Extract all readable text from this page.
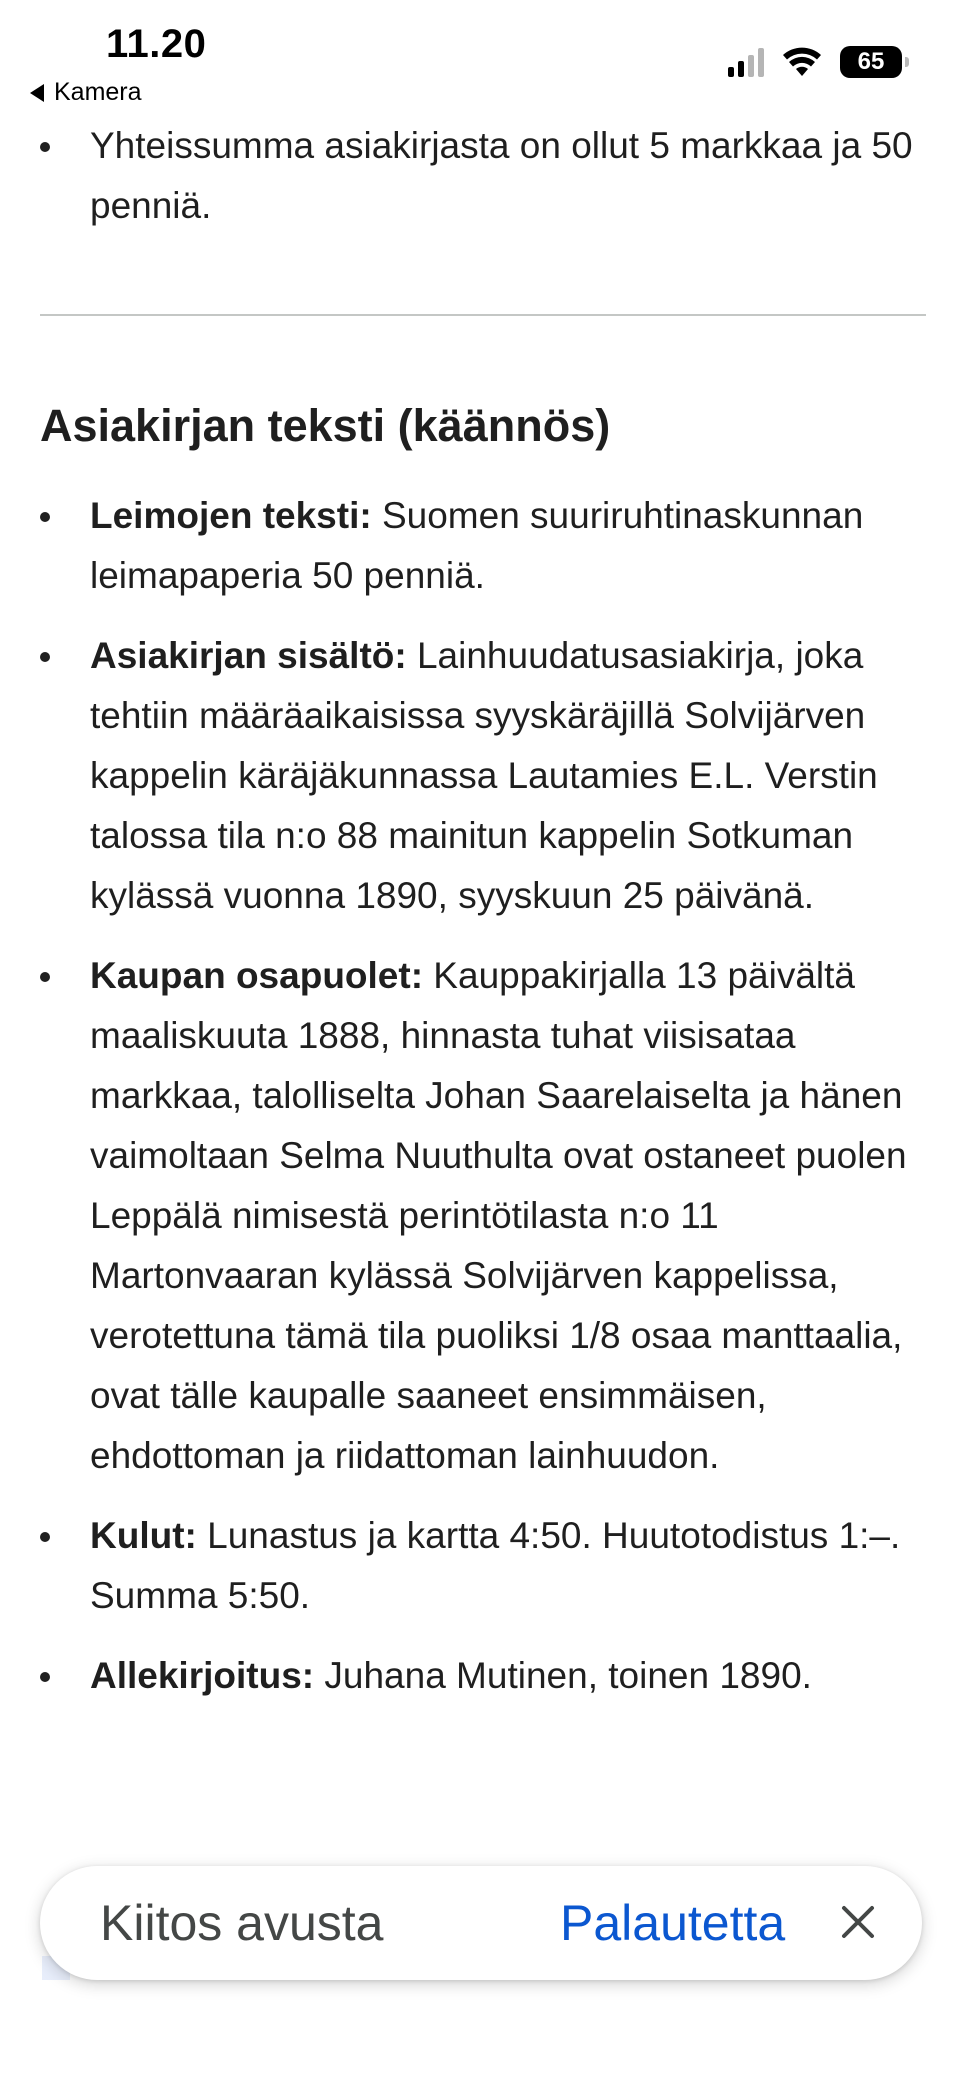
11.20
Kamera
65
Yhteissumma asiakirjasta on ollut 5 markkaa ja 50 penniä.
Asiakirjan teksti (käännös)
Leimojen teksti: Suomen suuriruhtinaskunnan leimapaperia 50 penniä.
Asiakirjan sisältö: Lainhuudatusasiakirja, joka tehtiin määräaikaisissa syyskäräjillä Solvijärven kappelin käräjäkunnassa Lautamies E.L. Verstin talossa tila n:o 88 mainitun kappelin Sotkuman kylässä vuonna 1890, syyskuun 25 päivänä.
Kaupan osapuolet: Kauppakirjalla 13 päivältä maaliskuuta 1888, hinnasta tuhat viisisataa markkaa, talolliselta Johan Saarelaiselta ja hänen vaimoltaan Selma Nuuthulta ovat ostaneet puolen Leppälä nimisestä perintötilasta n:o 11 Martonvaaran kylässä Solvijärven kappelissa, verotettuna tämä tila puoliksi 1/8 osaa manttaalia, ovat tälle kaupalle saaneet ensimmäisen, ehdottoman ja riidattoman lainhuudon.
Kulut: Lunastus ja kartta 4:50. Huutotodistus 1:–. Summa 5:50.
Allekirjoitus: Juhana Mutinen, toinen 1890.
Kiitos avusta	Palautetta
